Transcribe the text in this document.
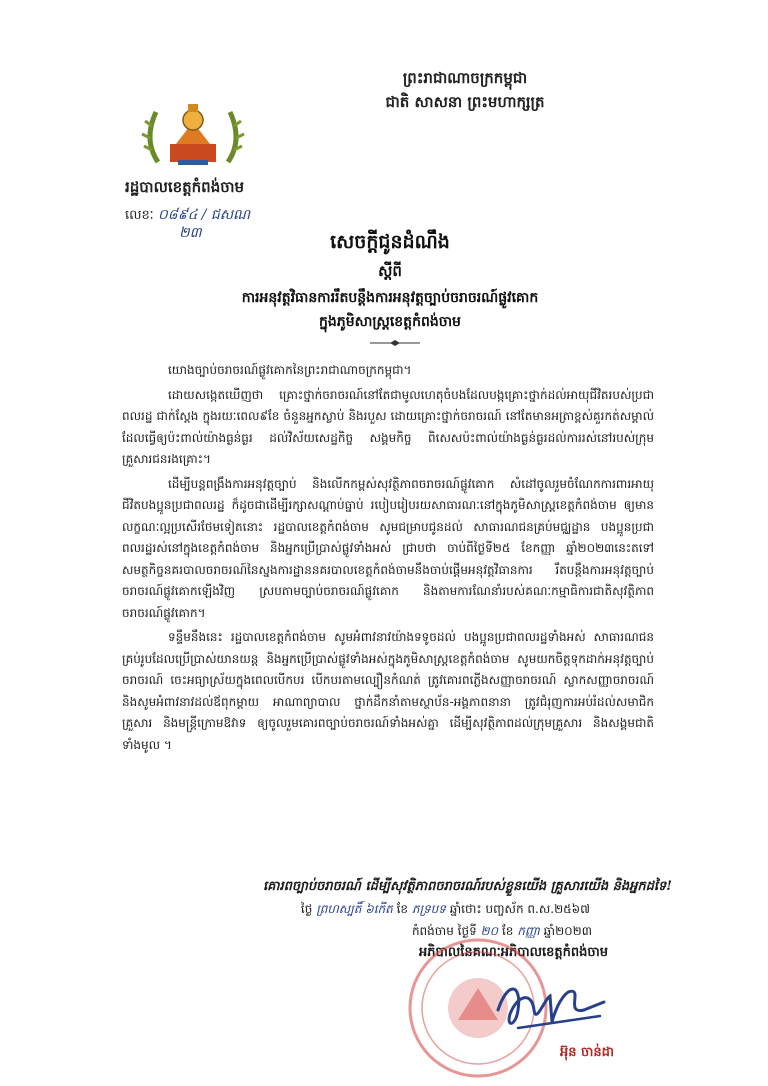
ព្រះរាជាណាចក្រកម្ពុជា
ជាតិ សាសនា ព្រះមហាក្សត្រ
រដ្ឋបាលខេត្តកំពង់ចាម
លេខៈ ០៨៩៤ / ជសណ
២៣	សេចក្តីជូនដំណឹង
ស្តីពី
ការអនុវត្តវិធានការរឹតបន្តឹងការអនុវត្តច្បាប់ចរាចរណ៍ផ្លូវគោក
ក្នុងភូមិសាស្ត្រខេត្តកំពង់ចាម

យោងច្បាប់ចរាចរណ៍ផ្លូវគោកនៃព្រះរាជាណាចក្រកម្ពុជា។

ដោយសង្កេតឃើញថា គ្រោះថ្នាក់ចរាចរណ៍នៅតែជាមូលហេតុចំបងដែលបង្កគ្រោះថ្នាក់ដល់អាយុជីវិតរបស់ប្រជាពលរដ្ឋ ជាក់ស្តែង ក្នុងរយៈពេល៩ខែ ចំនួនអ្នកស្លាប់ និងរបួស ដោយគ្រោះថ្នាក់ចរាចរណ៍ នៅតែមានអត្រាខ្ពស់គួរកត់សម្គាល់ ដែលធ្វើឲ្យប៉ះពាល់យ៉ាងធ្ងន់ធ្ងរ ដល់វិស័យសេដ្ឋកិច្ច សង្គមកិច្ច ពិសេសប៉ះពាល់យ៉ាងធ្ងន់ធ្ងរដល់ការរស់នៅរបស់ក្រុមគ្រួសារជនរងគ្រោះ។

ដើម្បីបន្តពង្រឹងការអនុវត្តច្បាប់ និងលើកកម្ពស់សុវត្ថិភាពចរាចរណ៍ផ្លូវគោក សំដៅចូលរួមចំណែកការពារអាយុជីវិតបងប្អូនប្រជាពលរដ្ឋ ក៏ដូចជាដើម្បីរក្សាសណ្តាប់ធ្នាប់ របៀបរៀបរយសាធារណៈនៅក្នុងភូមិសាស្ត្រខេត្តកំពង់ចាម ឲ្យមានលក្ខណៈល្អប្រសើរថែមទៀតនោះ រដ្ឋបាលខេត្តកំពង់ចាម សូមជម្រាបជូនដល់ សាធារណជនគ្រប់មជ្ឈដ្ឋាន បងប្អូនប្រជាពលរដ្ឋរស់នៅក្នុងខេត្តកំពង់ចាម និងអ្នកប្រើប្រាស់ផ្លូវទាំងអស់ ជ្រាបថា ចាប់ពីថ្ងៃទី២៥ ខែកញ្ញា ឆ្នាំ២០២៣នេះតទៅ សមត្ថកិច្ចនគរបាលចរាចរណ៍នៃស្នងការដ្ឋាននគរបាលខេត្តកំពង់ចាមនឹងចាប់ផ្តើមអនុវត្តវិធានការ រឹតបន្តឹងការអនុវត្តច្បាប់ចរាចរណ៍ផ្លូវគោកឡើងវិញ ស្របតាមច្បាប់ចរាចរណ៍ផ្លូវគោក និងតាមការណែនាំរបស់គណៈកម្មាធិការជាតិសុវត្ថិភាពចរាចរណ៍ផ្លូវគោក។

ទន្ទឹមនឹងនេះ រដ្ឋបាលខេត្តកំពង់ចាម សូមអំពាវនាវយ៉ាងទទូចដល់ បងប្អូនប្រជាពលរដ្ឋទាំងអស់ សាធារណជនគ្រប់រូបដែលប្រើប្រាស់យានយន្ត និងអ្នកប្រើប្រាស់ផ្លូវទាំងអស់ក្នុងភូមិសាស្ត្រខេត្តកំពង់ចាម សូមយកចិត្តទុកដាក់អនុវត្តច្បាប់ចរាចរណ៍ ចេះអធ្យាស្រ័យក្នុងពេលបើកបរ បើកបរតាមល្បឿនកំណត់ ត្រូវគោរពភ្លើងសញ្ញាចរាចរណ៍ ស្លាកសញ្ញាចរាចរណ៍ និងសូមអំពាវនាវដល់ឪពុកម្តាយ អាណាព្យាបាល ថ្នាក់ដឹកនាំតាមស្ថាប័ន-អង្គភាពនានា ត្រូវជំរុញការអប់រំដល់សមាជិកគ្រួសារ និងមន្ត្រីក្រោមឱវាទ ឲ្យចូលរួមគោរពច្បាប់ចរាចរណ៍ទាំងអស់គ្នា ដើម្បីសុវត្ថិភាពដល់ក្រុមគ្រួសារ និងសង្គមជាតិទាំងមូល ។

គោរពច្បាប់ចរាចរណ៍ ដើម្បីសុវត្ថិភាពចរាចរណ៍របស់ខ្លួនយើង គ្រួសារយើង និងអ្នកដទៃ!
ថ្ងៃ ព្រហស្បតិ៍ ៦កើត ខែ ភទ្របទ ឆ្នាំថោះ បញ្ចស័ក ព.ស.២៥៦៧
កំពង់ចាម ថ្ងៃទី ២០ ខែ កញ្ញា ឆ្នាំ២០២៣
អភិបាលនៃគណៈអភិបាលខេត្តកំពង់ចាម
អ៊ុន ចាន់ដា
